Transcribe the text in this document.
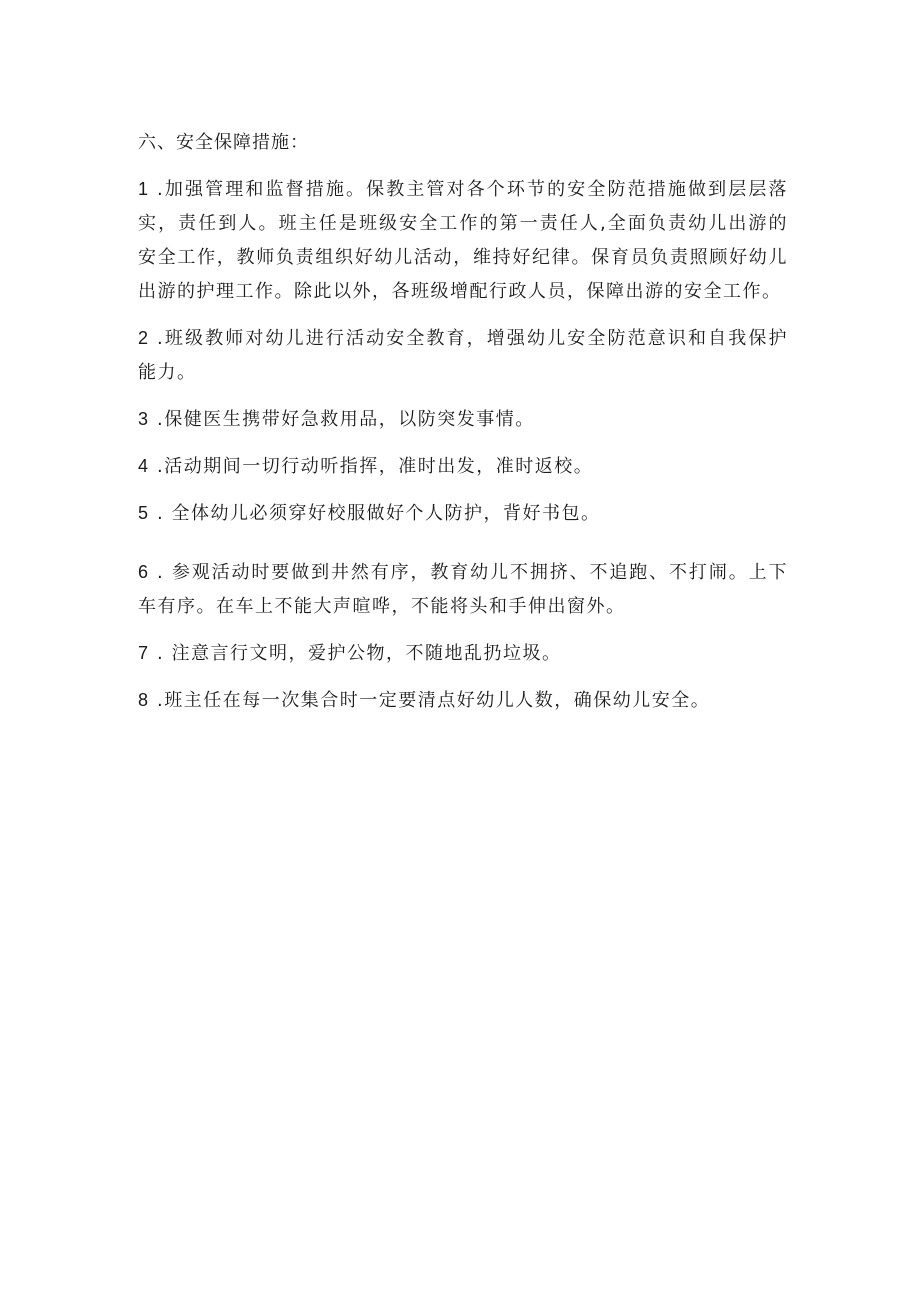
六、安全保障措施：

1 .加强管理和监督措施。保教主管对各个环节的安全防范措施做到层层落实，责任到人。班主任是班级安全工作的第一责任人,全面负责幼儿出游的安全工作，教师负责组织好幼儿活动，维持好纪律。保育员负责照顾好幼儿出游的护理工作。除此以外，各班级增配行政人员，保障出游的安全工作。

2 .班级教师对幼儿进行活动安全教育，增强幼儿安全防范意识和自我保护能力。

3 .保健医生携带好急救用品，以防突发事情。

4 .活动期间一切行动听指挥，准时出发，准时返校。

5 . 全体幼儿必须穿好校服做好个人防护，背好书包。

6 . 参观活动时要做到井然有序，教育幼儿不拥挤、不追跑、不打闹。上下车有序。在车上不能大声暄哗，不能将头和手伸出窗外。

7 . 注意言行文明，爱护公物，不随地乱扔垃圾。

8 .班主任在每一次集合时一定要清点好幼儿人数，确保幼儿安全。
